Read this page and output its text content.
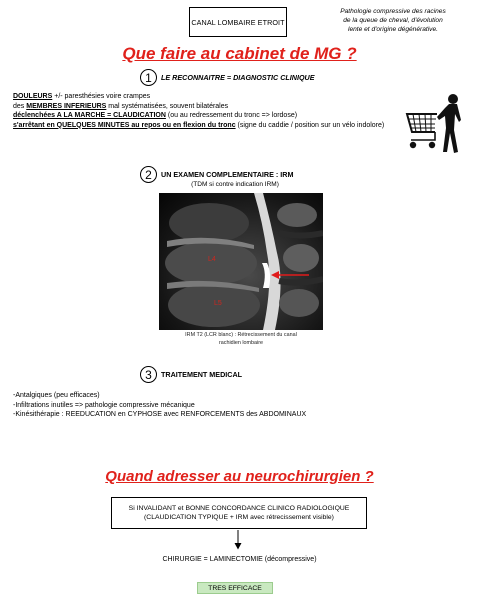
CANAL LOMBAIRE ETROIT
Pathologie compressive des racines
de la queue de cheval, d'évolution
lente et d'origine dégénérative.
Que faire au cabinet de MG ?
1	LE RECONNAITRE = DIAGNOSTIC CLINIQUE
DOULEURS +/- paresthésies voire crampes
des MEMBRES INFERIEURS mal systématisées, souvent bilatérales
déclenchées A LA MARCHE = CLAUDICATION (ou au redressement du tronc => lordose)
s'arrêtant en QUELQUES MINUTES au repos ou en flexion du tronc (signe du caddie / position sur un vélo indolore)
2	UN EXAMEN COMPLEMENTAIRE : IRM
(TDM si contre indication IRM)
L4
L5
IRM T2 (LCR blanc) : Rétrecissement du canal
rachidien lombaire
3	TRAITEMENT MEDICAL
-Antalgiques (peu efficaces)
-Infiltrations inutiles => pathologie compressive mécanique
-Kinésithérapie : REEDUCATION en CYPHOSE avec RENFORCEMENTS des ABDOMINAUX
Quand adresser au neurochirurgien ?
Si INVALIDANT et BONNE CONCORDANCE CLINICO RADIOLOGIQUE
(CLAUDICATION TYPIQUE + IRM avec rétrecissement visible)
CHIRURGIE = LAMINECTOMIE (décompressive)
TRES EFFICACE
